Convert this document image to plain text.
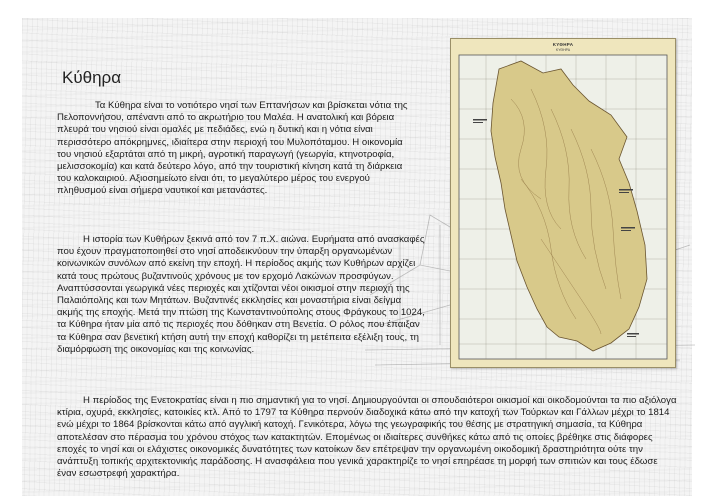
Κύθηρα

Τα Κύθηρα είναι το νοτιότερο νησί των Επτανήσων και βρίσκεται νότια της Πελοποννήσου, απέναντι από το ακρωτήριο του Μαλέα. Η ανατολική και βόρεια πλευρά του νησιού είναι ομαλές με πεδιάδες, ενώ η δυτική και η νότια είναι περισσότερο απόκρημνες, ιδιαίτερα στην περιοχή του Μυλοπόταμου. Η οικονομία του νησιού εξαρτάται από τη μικρή, αγροτική παραγωγή (γεωργία, κτηνοτροφία, μελισσοκομία) και κατά δεύτερο λόγο, από την τουριστική κίνηση κατά τη διάρκεια του καλοκαιριού. Αξιοσημείωτο είναι ότι, το μεγαλύτερο μέρος του ενεργού πληθυσμού είναι σήμερα ναυτικοί και μετανάστες.

Η ιστορία των Κυθήρων ξεκινά από τον 7 π.Χ. αιώνα. Ευρήματα από ανασκαφές που έχουν πραγματοποιηθεί στο νησί αποδεικνύουν την ύπαρξη οργανωμένων κοινωνικών συνόλων από εκείνη την εποχή. Η περίοδος ακμής των Κυθήρων αρχίζει κατά τους πρώτους βυζαντινούς χρόνους με τον ερχομό Λακώνων προσφύγων. Αναπτύσσονται γεωργικά νέες περιοχές και χτίζονται νέοι οικισμοί στην περιοχή της Παλαιόπολης και των Μητάτων. Βυζαντινές εκκλησίες και μοναστήρια είναι δείγμα ακμής της εποχής. Μετά την πτώση της Κωνσταντινούπολης στους Φράγκους το 1024, τα Κύθηρα ήταν μία από τις περιοχές που δόθηκαν στη Βενετία. Ο ρόλος που έπαιξαν τα Κύθηρα σαν βενετική κτήση αυτή την εποχή καθορίζει τη μετέπειτα εξέλιξη τους, τη διαμόρφωση της οικονομίας και της κοινωνίας.

Η περίοδος της Ενετοκρατίας είναι η πιο σημαντική για το νησί. Δημιουργούνται οι σπουδαιότεροι οικισμοί και οικοδομούνται τα πιο αξιόλογα κτίρια, οχυρά, εκκλησίες, κατοικίες κτλ. Από το 1797 τα Κύθηρα περνούν διαδοχικά κάτω από την κατοχή των Τούρκων και Γάλλων μέχρι το 1814 ενώ μέχρι το 1864 βρίσκονται κάτω από αγγλική κατοχή. Γενικότερα, λόγω της γεωγραφικής του θέσης με στρατηγική σημασία, τα Κύθηρα αποτελέσαν στο πέρασμα του χρόνου στόχος των κατακτητών. Επομένως οι ιδιαίτερες συνθήκες κάτω από τις οποίες βρέθηκε στις διάφορες εποχές το νησί και οι ελάχιστες οικονομικές δυνατότητες των κατοίκων δεν επέτρεψαν την οργανωμένη οικοδομική δραστηριότητα ούτε την ανάπτυξη τοπικής αρχιτεκτονικής παράδοσης. Η ανασφάλεια που γενικά χαρακτηρίζε το νησί επηρέασε τη μορφή των σπιτιών και τους έδωσε έναν εσωστρεφή χαρακτήρα.

ΚΥΘΗΡΑ
ΚΥΘΗΡΑ
